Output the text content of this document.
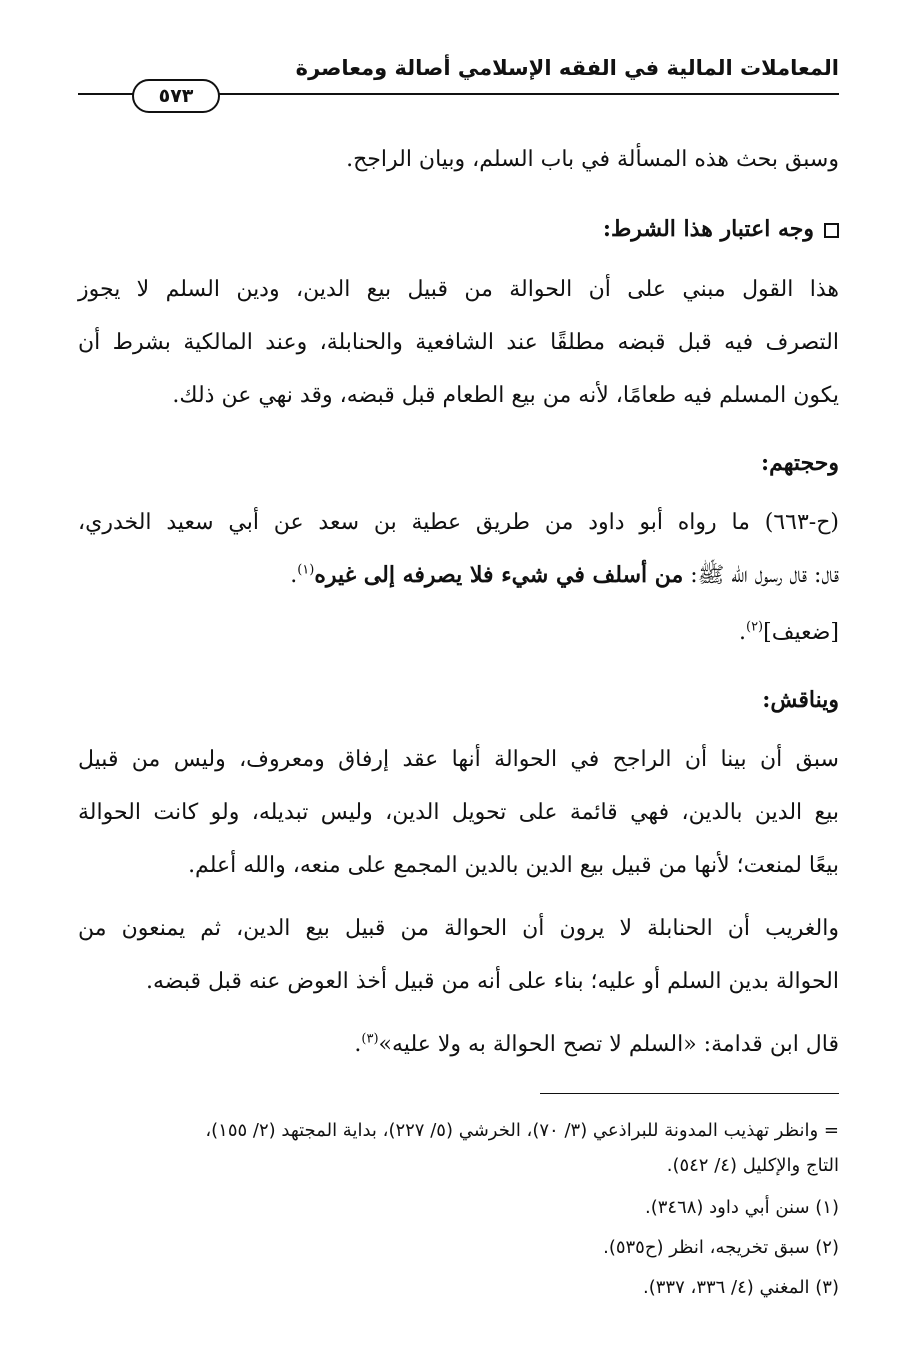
المعاملات المالية في الفقه الإسلامي أصالة ومعاصرة
٥٧٣
وسبق بحث هذه المسألة في باب السلم، وبيان الراجح.
وجه اعتبار هذا الشرط:
هذا القول مبني على أن الحوالة من قبيل بيع الدين، ودين السلم لا يجوز
التصرف فيه قبل قبضه مطلقًا عند الشافعية والحنابلة، وعند المالكية بشرط أن
يكون المسلم فيه طعامًا، لأنه من بيع الطعام قبل قبضه، وقد نهي عن ذلك.
وحجتهم:
(ح-٦٦٣) ما رواه أبو داود من طريق عطية بن سعد عن أبي سعيد الخدري،
قال: قال رسول الله ﷺ: من أسلف في شيء فلا يصرفه إلى غيره$^{(١)}$.
[ضعيف]$^{(٢)}$.
ويناقش:
سبق أن بينا أن الراجح في الحوالة أنها عقد إرفاق ومعروف، وليس من قبيل
بيع الدين بالدين، فهي قائمة على تحويل الدين، وليس تبديله، ولو كانت الحوالة
بيعًا لمنعت؛ لأنها من قبيل بيع الدين بالدين المجمع على منعه، والله أعلم.
والغريب أن الحنابلة لا يرون أن الحوالة من قبيل بيع الدين، ثم يمنعون من
الحوالة بدين السلم أو عليه؛ بناء على أنه من قبيل أخذ العوض عنه قبل قبضه.
قال ابن قدامة: «السلم لا تصح الحوالة به ولا عليه»$^{(٣)}$.
= وانظر تهذيب المدونة للبراذعي (٣/ ٧٠)، الخرشي (٥/ ٢٢٧)، بداية المجتهد (٢/ ١٥٥)،
التاج والإكليل (٤/ ٥٤٢).
(١) سنن أبي داود (٣٤٦٨).
(٢) سبق تخريجه، انظر (ح٥٣٥).
(٣) المغني (٤/ ٣٣٦، ٣٣٧).
